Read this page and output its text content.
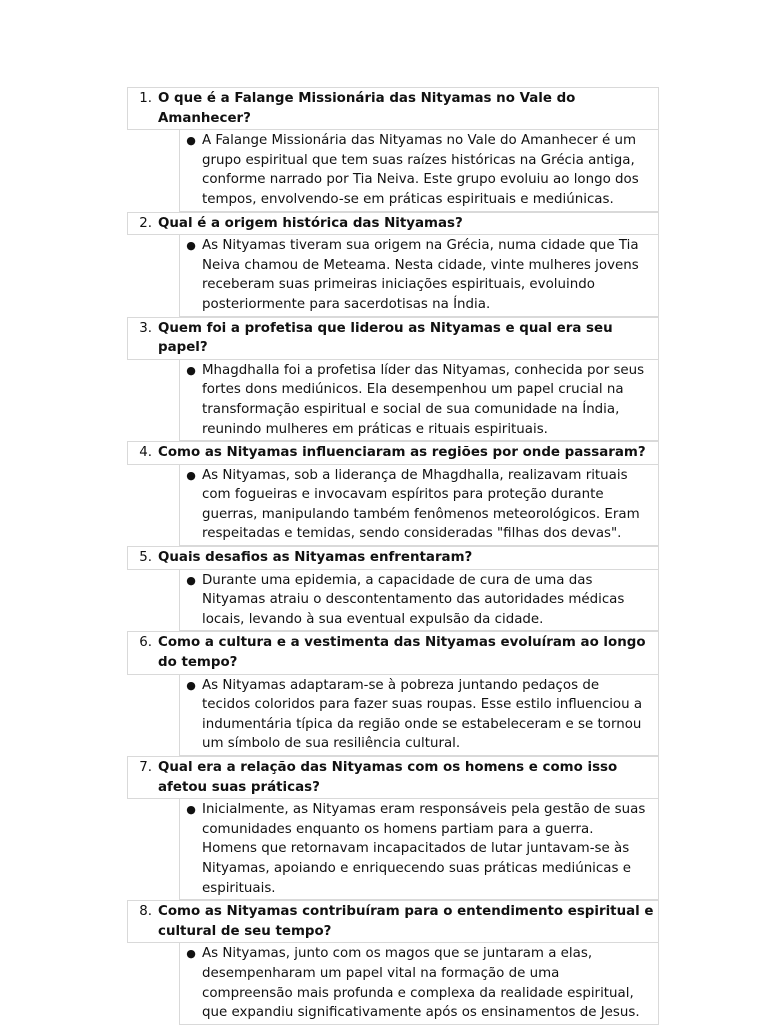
1. O que é a Falange Missionária das Nityamas no Vale do Amanhecer?
● A Falange Missionária das Nityamas no Vale do Amanhecer é um grupo espiritual que tem suas raízes históricas na Grécia antiga, conforme narrado por Tia Neiva. Este grupo evoluiu ao longo dos tempos, envolvendo-se em práticas espirituais e mediúnicas.
2. Qual é a origem histórica das Nityamas?
● As Nityamas tiveram sua origem na Grécia, numa cidade que Tia Neiva chamou de Meteama. Nesta cidade, vinte mulheres jovens receberam suas primeiras iniciações espirituais, evoluindo posteriormente para sacerdotisas na Índia.
3. Quem foi a profetisa que liderou as Nityamas e qual era seu papel?
● Mhagdhalla foi a profetisa líder das Nityamas, conhecida por seus fortes dons mediúnicos. Ela desempenhou um papel crucial na transformação espiritual e social de sua comunidade na Índia, reunindo mulheres em práticas e rituais espirituais.
4. Como as Nityamas influenciaram as regiões por onde passaram?
● As Nityamas, sob a liderança de Mhagdhalla, realizavam rituais com fogueiras e invocavam espíritos para proteção durante guerras, manipulando também fenômenos meteorológicos. Eram respeitadas e temidas, sendo consideradas "filhas dos devas".
5. Quais desafios as Nityamas enfrentaram?
● Durante uma epidemia, a capacidade de cura de uma das Nityamas atraiu o descontentamento das autoridades médicas locais, levando à sua eventual expulsão da cidade.
6. Como a cultura e a vestimenta das Nityamas evoluíram ao longo do tempo?
● As Nityamas adaptaram-se à pobreza juntando pedaços de tecidos coloridos para fazer suas roupas. Esse estilo influenciou a indumentária típica da região onde se estabeleceram e se tornou um símbolo de sua resiliência cultural.
7. Qual era a relação das Nityamas com os homens e como isso afetou suas práticas?
● Inicialmente, as Nityamas eram responsáveis pela gestão de suas comunidades enquanto os homens partiam para a guerra. Homens que retornavam incapacitados de lutar juntavam-se às Nityamas, apoiando e enriquecendo suas práticas mediúnicas e espirituais.
8. Como as Nityamas contribuíram para o entendimento espiritual e cultural de seu tempo?
● As Nityamas, junto com os magos que se juntaram a elas, desempenharam um papel vital na formação de uma compreensão mais profunda e complexa da realidade espiritual, que expandiu significativamente após os ensinamentos de Jesus.
